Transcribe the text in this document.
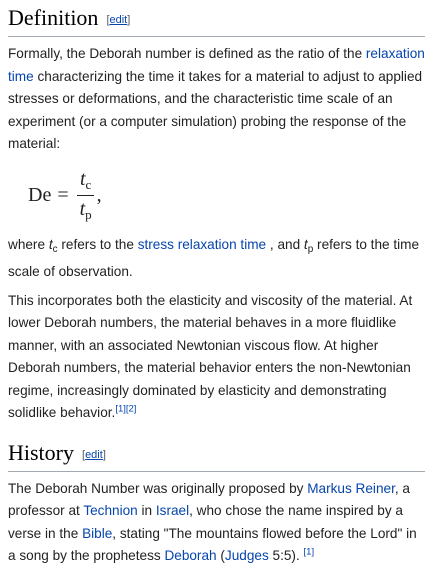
Definition [edit]

Formally, the Deborah number is defined as the ratio of the relaxation time characterizing the time it takes for a material to adjust to applied stresses or deformations, and the characteristic time scale of an experiment (or a computer simulation) probing the response of the material:

$De = \frac{t_c}{t_p}$ ,

where $t_c$ refers to the stress relaxation time , and $t_p$ refers to the time scale of observation.

This incorporates both the elasticity and viscosity of the material. At lower Deborah numbers, the material behaves in a more fluidlike manner, with an associated Newtonian viscous flow. At higher Deborah numbers, the material behavior enters the non-Newtonian regime, increasingly dominated by elasticity and demonstrating solidlike behavior.[1][2]

History [edit]

The Deborah Number was originally proposed by Markus Reiner, a professor at Technion in Israel, who chose the name inspired by a verse in the Bible, stating "The mountains flowed before the Lord" in a song by the prophetess Deborah (Judges 5:5). [1]
